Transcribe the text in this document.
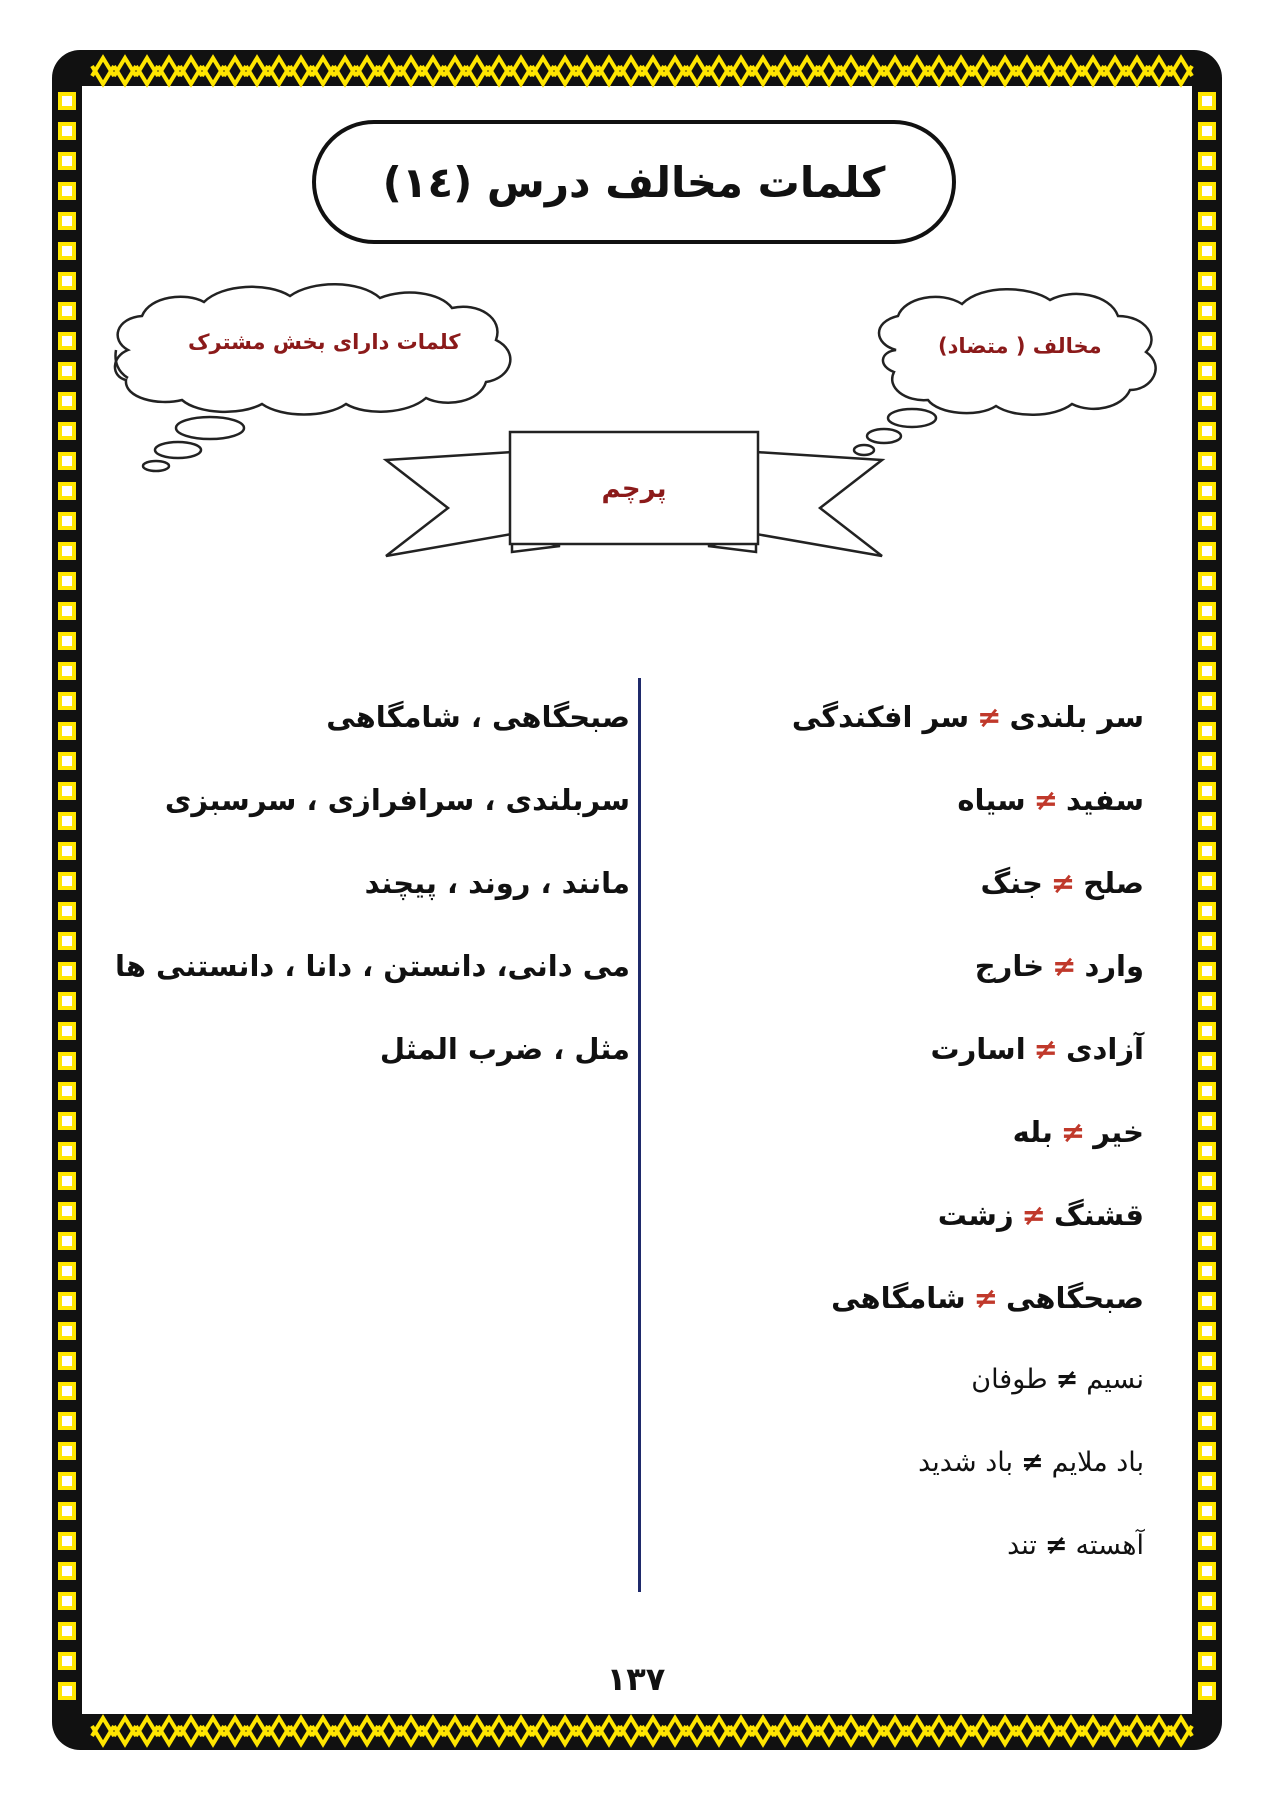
کلمات مخالف درس (۱٤)
کلمات دارای بخش مشترک	مخالف ( متضاد)
پرچم
سر بلندی≠سر افکندگی
سفید≠سیاه
صلح≠جنگ
وارد≠خارج
آزادی≠اسارت
خیر≠بله
قشنگ≠زشت
صبحگاهی≠شامگاهی
نسیم≠طوفان
باد ملایم≠باد شدید
آهسته≠تند
صبحگاهی ، شامگاهی
سربلندی ، سرافرازی ، سرسبزی
مانند ، روند ، پیچند
می دانی، دانستن ، دانا ، دانستنی ها
مثل ، ضرب المثل
۱۳۷
